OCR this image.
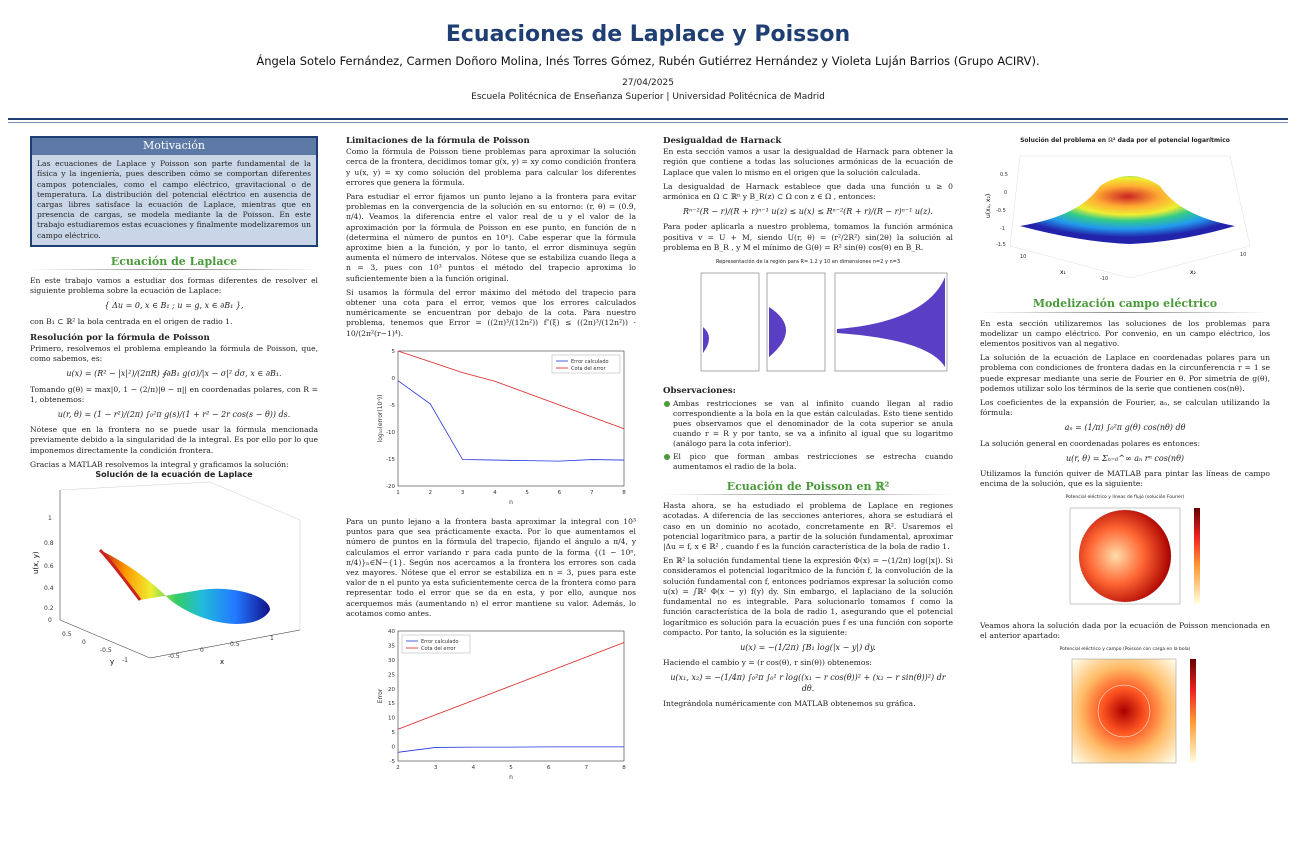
Ecuaciones de Laplace y Poisson
Ángela Sotelo Fernández, Carmen Doñoro Molina, Inés Torres Gómez, Rubén Gutiérrez Hernández y Violeta Luján Barrios (Grupo ACIRV).
27/04/2025
Escuela Politécnica de Enseñanza Superior | Universidad Politécnica de Madrid
Motivación
Las ecuaciones de Laplace y Poisson son parte fundamental de la física y la ingeniería, pues describen cómo se comportan diferentes campos potenciales, como el campo eléctrico, gravitacional o de temperatura. La distribución del potencial eléctrico en ausencia de cargas libres satisface la ecuación de Laplace, mientras que en presencia de cargas, se modela mediante la de Poisson. En este trabajo estudiaremos estas ecuaciones y finalmente modelizaremos un campo eléctrico.
Ecuación de Laplace

En este trabajo vamos a estudiar dos formas diferentes de resolver el siguiente problema sobre la ecuación de Laplace:

{ Δu = 0, x ∈ B₁ ; u = g, x ∈ ∂B₁ },

con B₁ ⊂ ℝ² la bola centrada en el origen de radio 1.

Resolución por la fórmula de Poisson

Primero, resolvemos el problema empleando la fórmula de Poisson, que, como sabemos, es:

u(x) = (R² − |x|²)/(2πR) ∮∂B₁ g(σ)/|x − σ|² dσ, x ∈ ∂B₁.

Tomando g(θ) = max|0, 1 − (2/π)|θ − π|| en coordenadas polares, con R = 1, obtenemos:

u(r, θ) = (1 − r²)/(2π) ∫₀²π g(s)/(1 + r² − 2r cos(s − θ)) ds.

Nótese que en la frontera no se puede usar la fórmula mencionada previamente debido a la singularidad de la integral. Es por ello por lo que imponemos directamente la condición frontera.

Gracias a MATLAB resolvemos la integral y graficamos la solución:

Solución de la ecuación de Laplace
1
0.8
0.6
0.4
0.2
0
0.5
0
-0.5
-1
-0.5
0
0.5
1
u(x, y)
x
y
Limitaciones de la fórmula de Poisson

Como la fórmula de Poisson tiene problemas para aproximar la solución cerca de la frontera, decidimos tomar g(x, y) = xy como condición frontera y u(x, y) = xy como solución del problema para calcular los diferentes errores que genera la fórmula.

Para estudiar el error fijamos un punto lejano a la frontera para evitar problemas en la convergencia de la solución en su entorno: (r, θ) = (0.9, π/4). Veamos la diferencia entre el valor real de u y el valor de la aproximación por la fórmula de Poisson en ese punto, en función de n (determina el número de puntos en 10ⁿ). Cabe esperar que la fórmula aproxime bien a la función, y por lo tanto, el error disminuya según aumenta el número de intervalos. Nótese que se estabiliza cuando llega a n = 3, pues con 10³ puntos el método del trapecio aproxima lo suficientemente bien a la función original.

Si usamos la fórmula del error máximo del método del trapecio para obtener una cota para el error, vemos que los errores calculados numéricamente se encuentran por debajo de la cota. Para nuestro problema, tenemos que Error = ((2π)³/(12n²)) f″(ξ) ≤ ((2π)³/(12n²)) · 10/(2π²(r−1)⁴).

1	2	3	4	5	6	7	8
-20
-15
-10
-5
0
5
n
log₁₀(error(10ⁿ))
Error calculado
Cota del error

Para un punto lejano a la frontera basta aproximar la integral con 10³ puntos para que sea prácticamente exacta. Por lo que aumentamos el número de puntos en la fórmula del trapecio, fijando el ángulo a π/4, y calculamos el error variando r para cada punto de la forma {(1 − 10ⁿ, π/4)}ₙ∈ℕ−{1}. Según nos acercamos a la frontera los errores son cada vez mayores. Nótese que el error se estabiliza en n = 3, pues para este valor de n el punto ya esta suficientemente cerca de la frontera como para representar todo el error que se da en esta, y por ello, aunque nos acerquemos más (aumentando n) el error mantiene su valor. Además, lo acotamos como antes.

2	3	4	5	6	7	8
-5
0
5
10
15
20
25
30
35
40
n
Error
Error calculado
Cota del error
Desigualdad de Harnack

En esta sección vamos a usar la desigualdad de Harnack para obtener la región que contiene a todas las soluciones armónicas de la ecuación de Laplace que valen lo mismo en el origen que la solución calculada.

La desigualdad de Harnack establece que dada una función u ≥ 0 armónica en Ω ⊂ ℝⁿ y B_R(z) ⊂ Ω con z ∈ Ω , entonces:

Rⁿ⁻²(R − r)/(R + r)ⁿ⁻¹ u(z) ≤ u(x) ≤ Rⁿ⁻²(R + r)/(R − r)ⁿ⁻¹ u(z).

Para poder aplicarla a nuestro problema, tomamos la función armónica positiva v = U + M, siendo U(r, θ) = (r²/2R²) sin(2θ) la solución al problema en B_R , y M el mínimo de G(θ) = R² sin(θ) cos(θ) en B_R.

Representación de la región para R= 1.2 y 10 en dimensiones n=2 y n=3
Observaciones:
Ambas restricciones se van al infinito cuando llegan al radio correspondiente a la bola en la que están calculadas. Esto tiene sentido pues observamos que el denominador de la cota superior se anula cuando r = R y por tanto, se va a infinito al igual que su logaritmo (análogo para la cota inferior).
El pico que forman ambas restricciones se estrecha cuando aumentamos el radio de la bola.
Ecuación de Poisson en ℝ²

Hasta ahora, se ha estudiado el problema de Laplace en regiones acotadas. A diferencia de las secciones anteriores, ahora se estudiará el caso en un dominio no acotado, concretamente en ℝ². Usaremos el potencial logarítmico para, a partir de la solución fundamental, aproximar |Δu = f, x ∈ ℝ² , cuando f es la función característica de la bola de radio 1.

En ℝ² la solución fundamental tiene la expresión Φ(x) = −(1/2π) log(|x|). Si consideramos el potencial logarítmico de la función f, la convolución de la solución fundamental con f, entonces podríamos expresar la solución como u(x) = ∫ℝ² Φ(x − y) f(y) dy. Sin embargo, el laplaciano de la solución fundamental no es integrable. Para solucionarlo tomamos f como la función característica de la bola de radio 1, asegurando que el potencial logarítmico es solución para la ecuación pues f es una función con soporte compacto. Por tanto, la solución es la siguiente:

u(x) = −(1/2π) ∫B₁ log(|x − y|) dy.

Haciendo el cambio y = (r cos(θ), r sin(θ)) obtenemos:

u(x₁, x₂) = −(1/4π) ∫₀²π ∫₀¹ r log((x₁ − r cos(θ))² + (x₂ − r sin(θ))²) dr dθ.

Integrándola numéricamente con MATLAB obtenemos su gráfica.

Solución del problema en ℝ² dada por el potencial logarítmico
0.5
0
-0.5
-1
-1.5
10
-10
10
u(x₁, x₂)
x₁	x₂
Modelización campo eléctrico

En esta sección utilizaremos las soluciones de los problemas para modelizar un campo eléctrico. Por convenio, en un campo eléctrico, los elementos positivos van al negativo.

La solución de la ecuación de Laplace en coordenadas polares para un problema con condiciones de frontera dadas en la circunferencia r = 1 se puede expresar mediante una serie de Fourier en θ. Por simetría de g(θ), podemos utilizar solo los términos de la serie que contienen cos(nθ).

Los coeficientes de la expansión de Fourier, aₙ, se calculan utilizando la fórmula:

aₙ = (1/π) ∫₀²π g(θ) cos(nθ) dθ

La solución general en coordenadas polares es entonces:

u(r, θ) = Σₙ₌₀^∞ aₙ rⁿ cos(nθ)

Utilizamos la función quiver de MATLAB para pintar las líneas de campo encima de la solución, que es la siguiente:

Potencial eléctrico y líneas de flujo (solución Fourier)

Veamos ahora la solución dada por la ecuación de Poisson mencionada en el anterior apartado:

Potencial eléctrico y campo (Poisson con carga en la bola)
